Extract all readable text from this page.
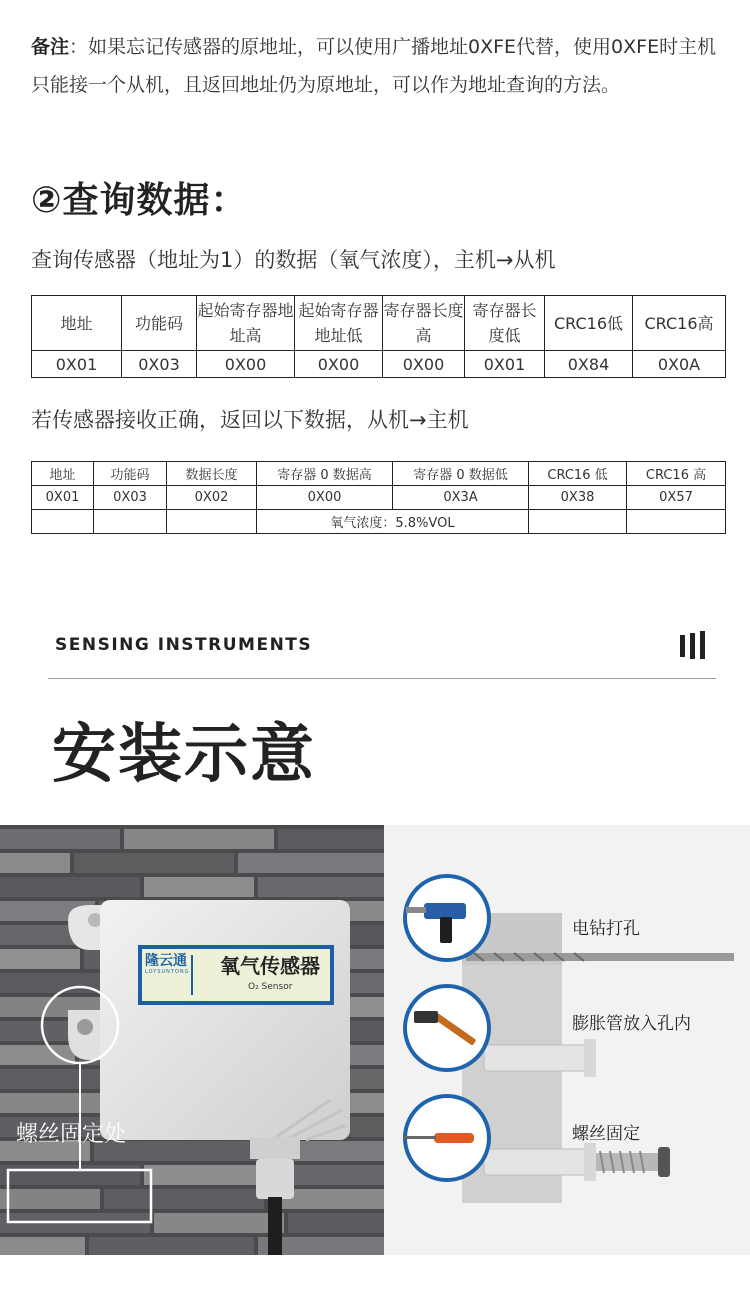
备注：如果忘记传感器的原地址，可以使用广播地址0XFE代替，使用0XFE时主机只能接一个从机，且返回地址仍为原地址，可以作为地址查询的方法。
②查询数据：
查询传感器（地址为1）的数据（氧气浓度），主机→从机
地址	功能码	起始寄存器地址高	起始寄存器地址低	寄存器长度高	寄存器长度低	CRC16低	CRC16高
0X01	0X03	0X00	0X00	0X00	0X01	0X84	0X0A
若传感器接收正确，返回以下数据，从机→主机
地址	功能码	数据长度	寄存器 0 数据高	寄存器 0 数据低	CRC16 低	CRC16 高
0X01	0X03	0X02	0X00	0X3A	0X38	0X57
			氧气浓度：5.8%VOL			
SENSING INSTRUMENTS
安装示意
隆云通
LOYSUNTONG 氧气传感器
O₂ Sensor
螺丝固定处
电钻打孔
膨胀管放入孔内
螺丝固定
